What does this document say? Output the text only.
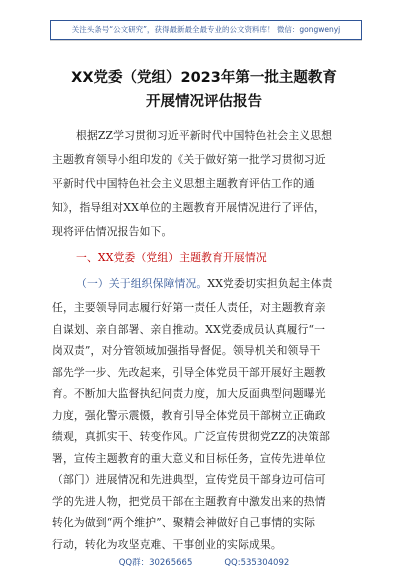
关注头条号“公文研究”，获得最新最全最专业的公文资料库！ 微信：gongwenyj
XX党委（党组）2023年第一批主题教育
开展情况评估报告
根据ZZ学习贯彻习近平新时代中国特色社会主义思想
主题教育领导小组印发的《关于做好第一批学习贯彻习近
平新时代中国特色社会主义思想主题教育评估工作的通
知》，指导组对XX单位的主题教育开展情况进行了评估，
现将评估情况报告如下。
一、XX党委（党组）主题教育开展情况
（一）关于组织保障情况。XX党委切实担负起主体责
任，主要领导同志履行好第一责任人责任，对主题教育亲
自谋划、亲自部署、亲自推动。XX党委成员认真履行“一
岗双责”，对分管领域加强指导督促。领导机关和领导干
部先学一步、先改起来，引导全体党员干部开展好主题教
育。不断加大监督执纪问责力度，加大反面典型问题曝光
力度，强化警示震慑，教育引导全体党员干部树立正确政
绩观，真抓实干、转变作风。广泛宣传贯彻党ZZ的决策部
署，宣传主题教育的重大意义和目标任务，宣传先进单位
（部门）进展情况和先进典型，宣传党员干部身边可信可
学的先进人物，把党员干部在主题教育中激发出来的热情
转化为做到“两个维护”、聚精会神做好自己事情的实际
行动，转化为攻坚克难、干事创业的实际成果。
QQ群：30265665	QQ:535304092
